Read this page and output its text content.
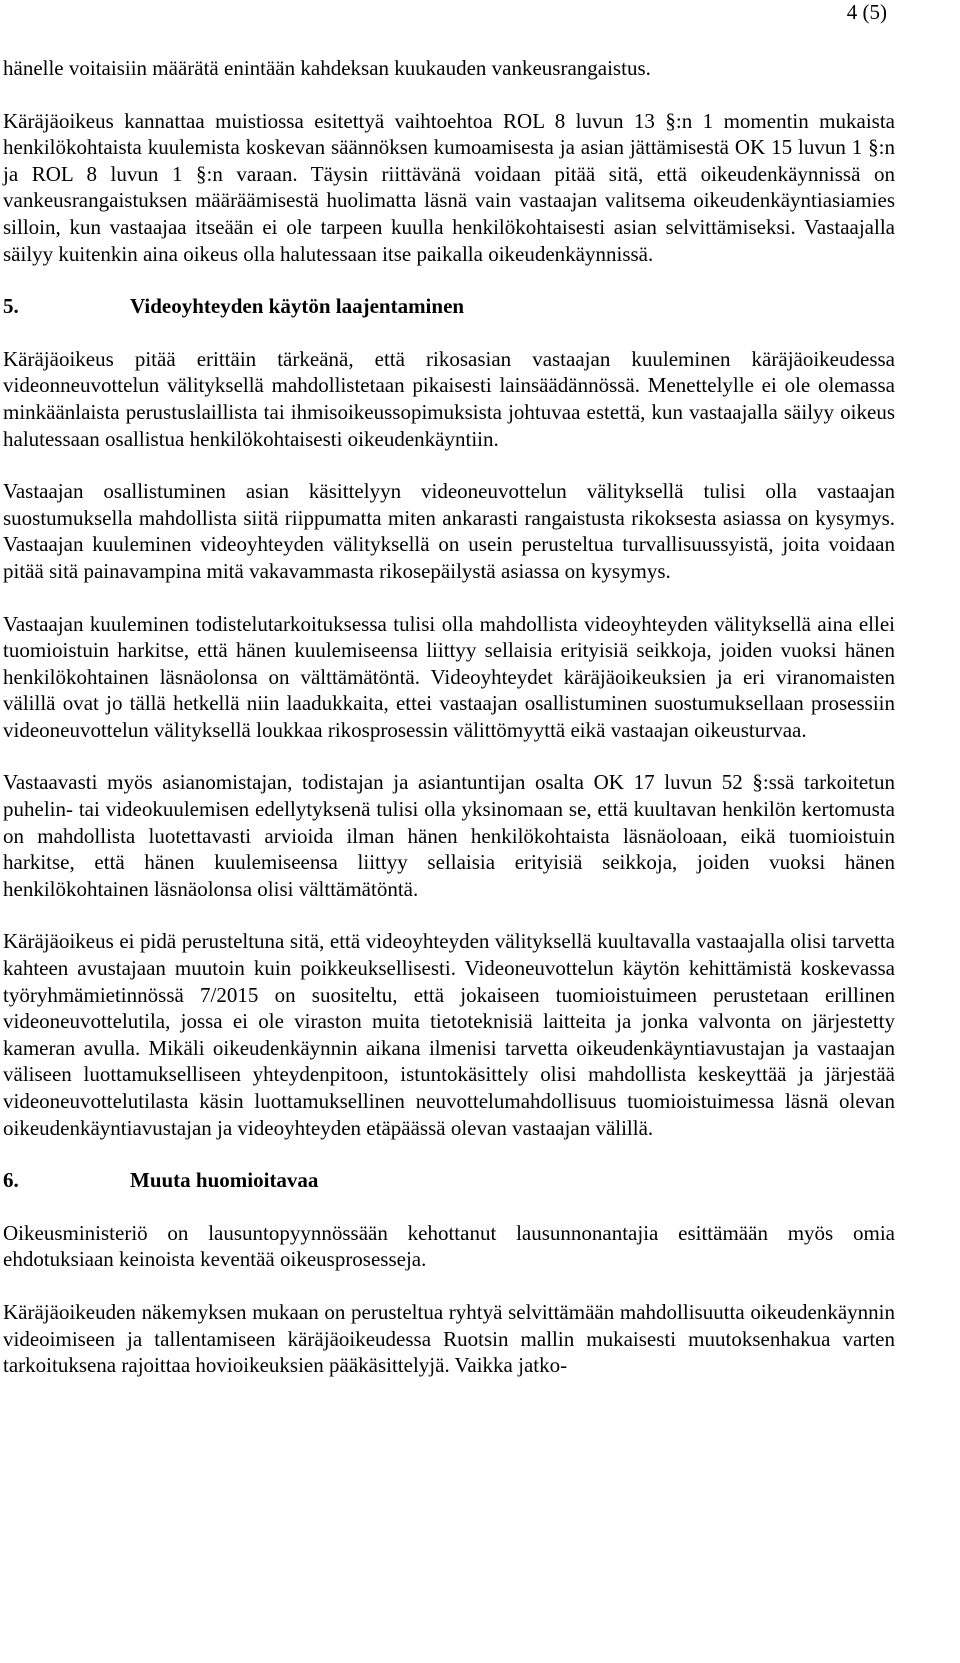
4 (5)

hänelle voitaisiin määrätä enintään kahdeksan kuukauden vankeusrangaistus.

Käräjäoikeus kannattaa muistiossa esitettyä vaihtoehtoa ROL 8 luvun 13 §:n 1 momentin mukaista henkilökohtaista kuulemista koskevan säännöksen kumoamisesta ja asian jättämisestä OK 15 luvun 1 §:n ja ROL 8 luvun 1 §:n varaan. Täysin riittävänä voidaan pitää sitä, että oikeudenkäynnissä on vankeusrangaistuksen määräämisestä huolimatta läsnä vain vastaajan valitsema oikeudenkäyntiasiamies silloin, kun vastaajaa itseään ei ole tarpeen kuulla henkilökohtaisesti asian selvittämiseksi. Vastaajalla säilyy kuitenkin aina oikeus olla halutessaan itse paikalla oikeudenkäynnissä.

5.	Videoyhteyden käytön laajentaminen

Käräjäoikeus pitää erittäin tärkeänä, että rikosasian vastaajan kuuleminen käräjäoikeudessa videonneuvottelun välityksellä mahdollistetaan pikaisesti lainsäädännössä. Menettelylle ei ole olemassa minkäänlaista perustuslaillista tai ihmisoikeussopimuksista johtuvaa estettä, kun vastaajalla säilyy oikeus halutessaan osallistua henkilökohtaisesti oikeudenkäyntiin.

Vastaajan osallistuminen asian käsittelyyn videoneuvottelun välityksellä tulisi olla vastaajan suostumuksella mahdollista siitä riippumatta miten ankarasti rangaistusta rikoksesta asiassa on kysymys. Vastaajan kuuleminen videoyhteyden välityksellä on usein perusteltua turvallisuussyistä, joita voidaan pitää sitä painavampina mitä vakavammasta rikosepäilystä asiassa on kysymys.

Vastaajan kuuleminen todistelutarkoituksessa tulisi olla mahdollista videoyhteyden välityksellä aina ellei tuomioistuin harkitse, että hänen kuulemiseensa liittyy sellaisia erityisiä seikkoja, joiden vuoksi hänen henkilökohtainen läsnäolonsa on välttämätöntä. Videoyhteydet käräjäoikeuksien ja eri viranomaisten välillä ovat jo tällä hetkellä niin laadukkaita, ettei vastaajan osallistuminen suostumuksellaan prosessiin videoneuvottelun välityksellä loukkaa rikosprosessin välittömyyttä eikä vastaajan oikeusturvaa.

Vastaavasti myös asianomistajan, todistajan ja asiantuntijan osalta OK 17 luvun 52 §:ssä tarkoitetun puhelin- tai videokuulemisen edellytyksenä tulisi olla yksinomaan se, että kuultavan henkilön kertomusta on mahdollista luotettavasti arvioida ilman hänen henkilökohtaista läsnäoloaan, eikä tuomioistuin harkitse, että hänen kuulemiseensa liittyy sellaisia erityisiä seikkoja, joiden vuoksi hänen henkilökohtainen läsnäolonsa olisi välttämätöntä.

Käräjäoikeus ei pidä perusteltuna sitä, että videoyhteyden välityksellä kuultavalla vastaajalla olisi tarvetta kahteen avustajaan muutoin kuin poikkeuksellisesti. Videoneuvottelun käytön kehittämistä koskevassa työryhmämietinnössä 7/2015 on suositeltu, että jokaiseen tuomioistuimeen perustetaan erillinen videoneuvottelutila, jossa ei ole viraston muita tietoteknisiä laitteita ja jonka valvonta on järjestetty kameran avulla. Mikäli oikeudenkäynnin aikana ilmenisi tarvetta oikeudenkäyntiavustajan ja vastaajan väliseen luottamukselliseen yhteydenpitoon, istuntokäsittely olisi mahdollista keskeyttää ja järjestää videoneuvottelutilasta käsin luottamuksellinen neuvottelumahdollisuus tuomioistuimessa läsnä olevan oikeudenkäyntiavustajan ja videoyhteyden etäpäässä olevan vastaajan välillä.

6.	Muuta huomioitavaa

Oikeusministeriö on lausuntopyynnössään kehottanut lausunnonantajia esittämään myös omia ehdotuksiaan keinoista keventää oikeusprosesseja.

Käräjäoikeuden näkemyksen mukaan on perusteltua ryhtyä selvittämään mahdollisuutta oikeudenkäynnin videoimiseen ja tallentamiseen käräjäoikeudessa Ruotsin mallin mukaisesti muutoksenhakua varten tarkoituksena rajoittaa hovioikeuksien pääkäsittelyjä. Vaikka jatko-
